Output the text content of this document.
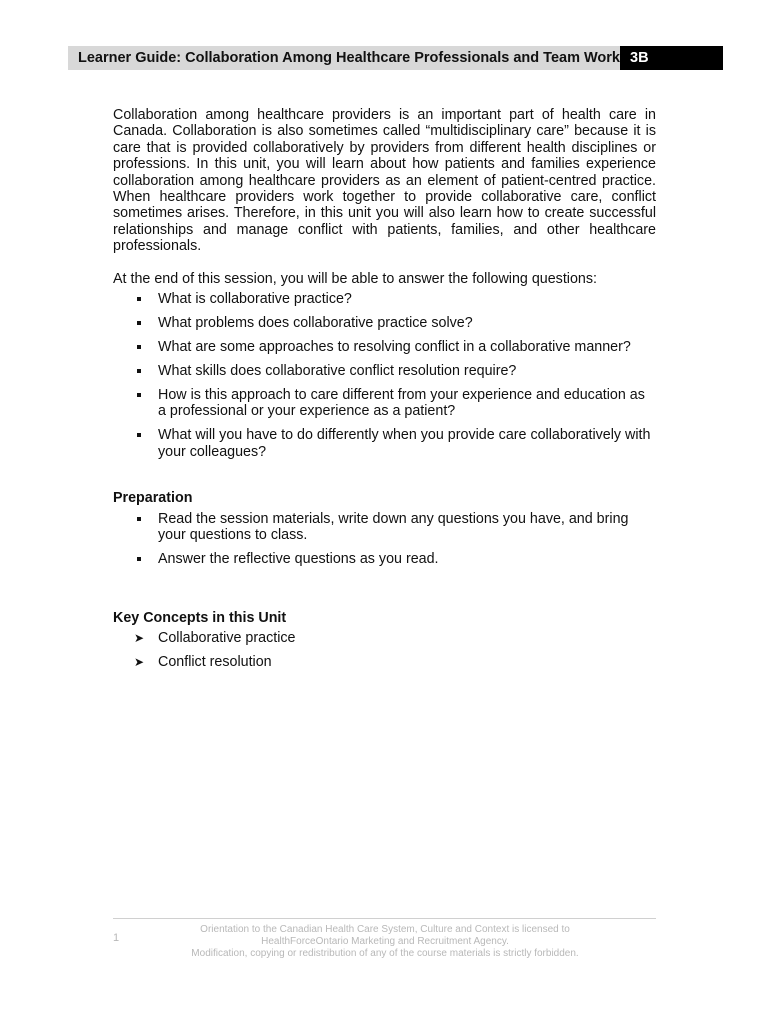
Learner Guide: Collaboration Among Healthcare Professionals and Team Work 3B

Collaboration among healthcare providers is an important part of health care in Canada. Collaboration is also sometimes called “multidisciplinary care” because it is care that is provided collaboratively by providers from different health disciplines or professions. In this unit, you will learn about how patients and families experience collaboration among healthcare providers as an element of patient-centred practice. When healthcare providers work together to provide collaborative care, conflict sometimes arises. Therefore, in this unit you will also learn how to create successful relationships and manage conflict with patients, families, and other healthcare professionals.

At the end of this session, you will be able to answer the following questions:

What is collaborative practice?
What problems does collaborative practice solve?
What are some approaches to resolving conflict in a collaborative manner?
What skills does collaborative conflict resolution require?
How is this approach to care different from your experience and education as a professional or your experience as a patient?
What will you have to do differently when you provide care collaboratively with your colleagues?
Preparation
Read the session materials, write down any questions you have, and bring your questions to class.
Answer the reflective questions as you read.
Key Concepts in this Unit
➤ Collaborative practice
➤ Conflict resolution
1
Orientation to the Canadian Health Care System, Culture and Context is licensed to
HealthForceOntario Marketing and Recruitment Agency.
Modification, copying or redistribution of any of the course materials is strictly forbidden.
